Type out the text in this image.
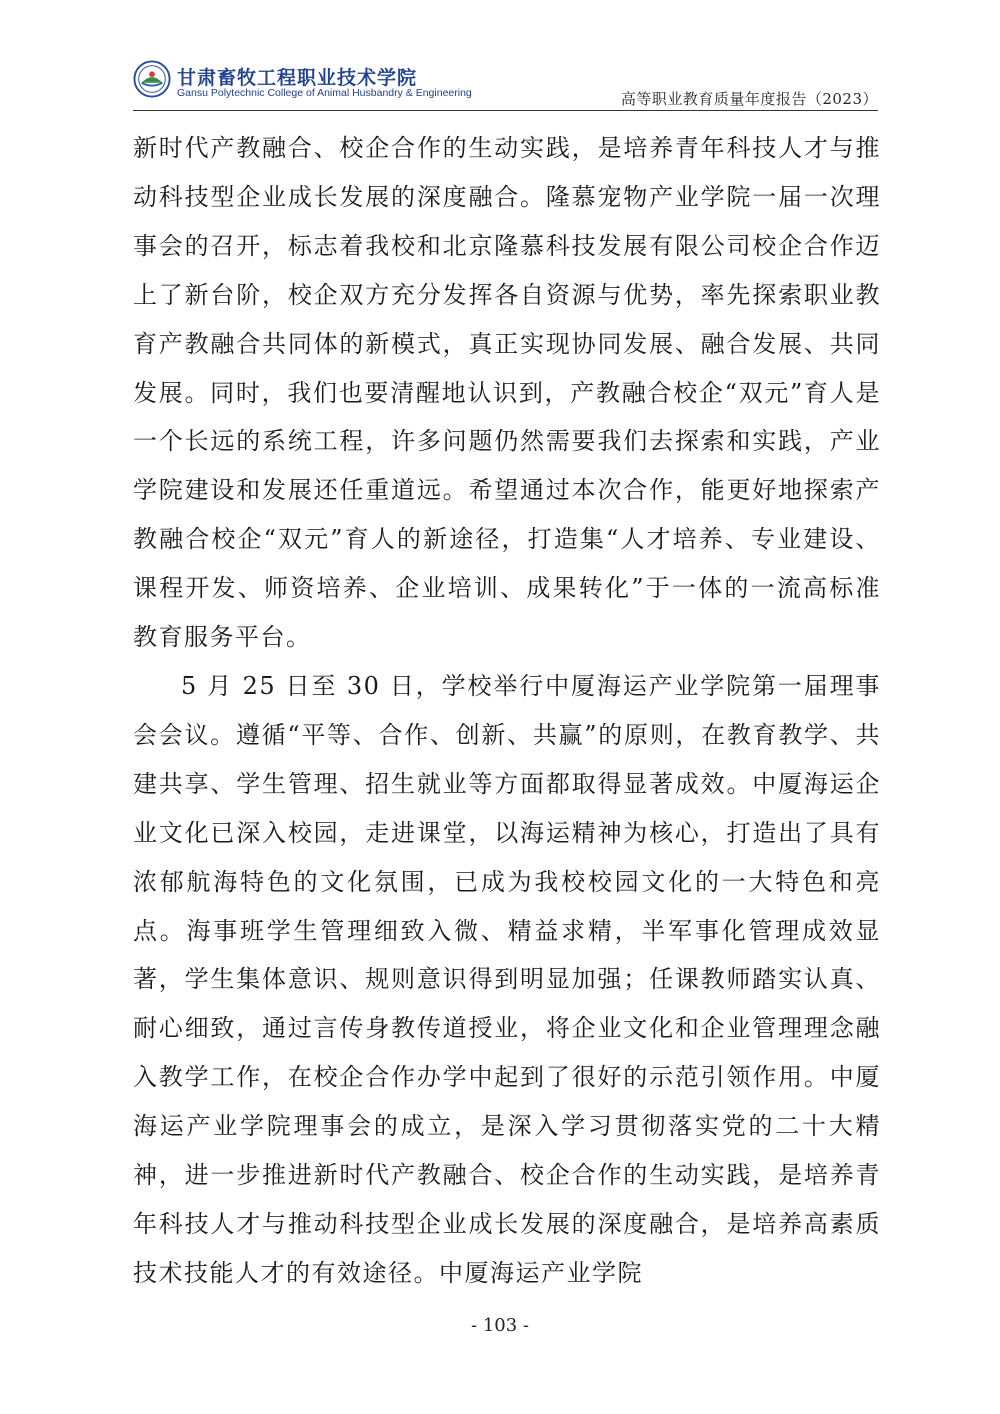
甘肃畜牧工程职业技术学院
Gansu Polytechnic College of Animal Husbandry & Engineering	高等职业教育质量年度报告（2023）

新时代产教融合、校企合作的生动实践，是培养青年科技人才与推动科技型企业成长发展的深度融合。隆慕宠物产业学院一届一次理事会的召开，标志着我校和北京隆慕科技发展有限公司校企合作迈上了新台阶，校企双方充分发挥各自资源与优势，率先探索职业教育产教融合共同体的新模式，真正实现协同发展、融合发展、共同发展。同时，我们也要清醒地认识到，产教融合校企“双元”育人是一个长远的系统工程，许多问题仍然需要我们去探索和实践，产业学院建设和发展还任重道远。希望通过本次合作，能更好地探索产教融合校企“双元”育人的新途径，打造集“人才培养、专业建设、课程开发、师资培养、企业培训、成果转化”于一体的一流高标准教育服务平台。

5 月 25 日至 30 日，学校举行中厦海运产业学院第一届理事会会议。遵循“平等、合作、创新、共赢”的原则，在教育教学、共建共享、学生管理、招生就业等方面都取得显著成效。中厦海运企业文化已深入校园，走进课堂，以海运精神为核心，打造出了具有浓郁航海特色的文化氛围，已成为我校校园文化的一大特色和亮点。海事班学生管理细致入微、精益求精，半军事化管理成效显著，学生集体意识、规则意识得到明显加强；任课教师踏实认真、耐心细致，通过言传身教传道授业，将企业文化和企业管理理念融入教学工作，在校企合作办学中起到了很好的示范引领作用。中厦海运产业学院理事会的成立，是深入学习贯彻落实党的二十大精神，进一步推进新时代产教融合、校企合作的生动实践，是培养青年科技人才与推动科技型企业成长发展的深度融合，是培养高素质技术技能人才的有效途径。中厦海运产业学院

- 103 -
